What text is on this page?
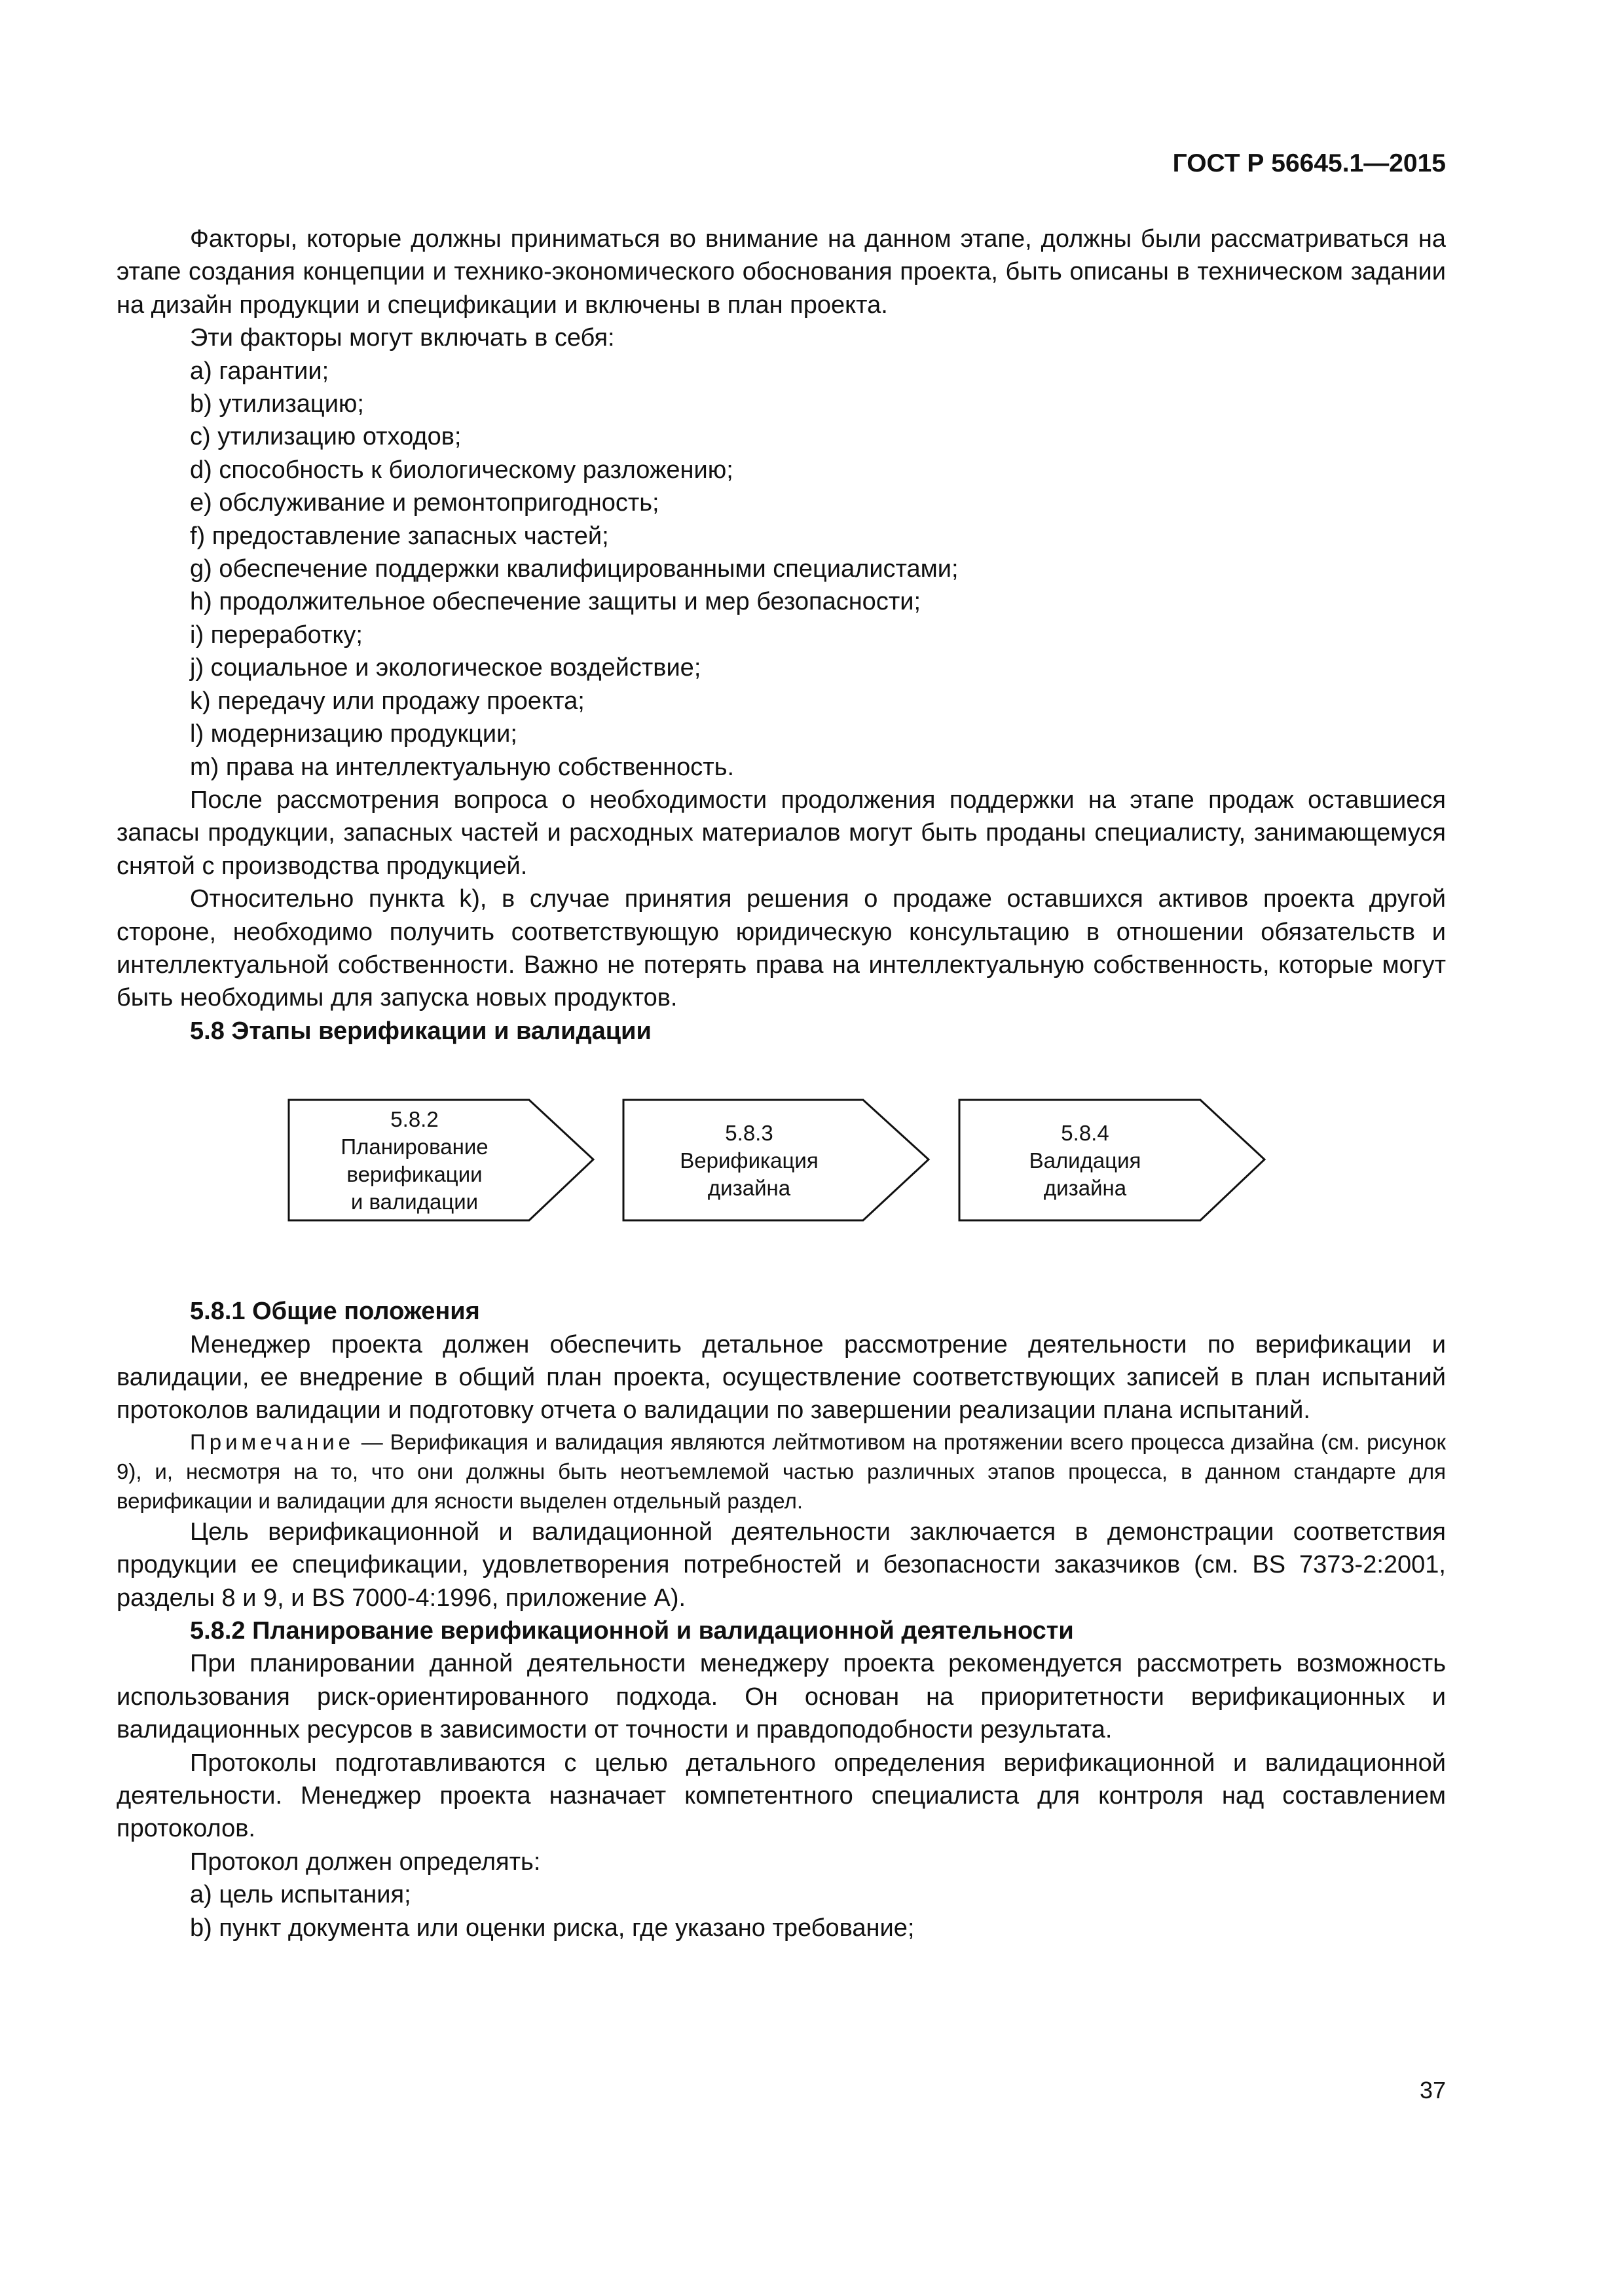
ГОСТ Р 56645.1—2015

Факторы, которые должны приниматься во внимание на данном этапе, должны были рассматриваться на этапе создания концепции и технико-экономического обоснования проекта, быть описаны в техническом задании на дизайн продукции и спецификации и включены в план проекта.

Эти факторы могут включать в себя:

a) гарантии;

b) утилизацию;

c) утилизацию отходов;

d) способность к биологическому разложению;

e) обслуживание и ремонтопригодность;

f) предоставление запасных частей;

g) обеспечение поддержки квалифицированными специалистами;

h) продолжительное обеспечение защиты и мер безопасности;

i) переработку;

j) социальное и экологическое воздействие;

k) передачу или продажу проекта;

l) модернизацию продукции;

m) права на интеллектуальную собственность.

После рассмотрения вопроса о необходимости продолжения поддержки на этапе продаж оставшиеся запасы продукции, запасных частей и расходных материалов могут быть проданы специалисту, занимающемуся снятой с производства продукцией.

Относительно пункта k), в случае принятия решения о продаже оставшихся активов проекта другой стороне, необходимо получить соответствующую юридическую консультацию в отношении обязательств и интеллектуальной собственности. Важно не потерять права на интеллектуальную собственность, которые могут быть необходимы для запуска новых продуктов.

5.8 Этапы верификации и валидации

5.8.2
Планирование
верификации
и валидации
5.8.3
Верификация
дизайна
5.8.4
Валидация
дизайна

5.8.1 Общие положения

Менеджер проекта должен обеспечить детальное рассмотрение деятельности по верификации и валидации, ее внедрение в общий план проекта, осуществление соответствующих записей в план испытаний протоколов валидации и подготовку отчета о валидации по завершении реализации плана испытаний.

Примечание — Верификация и валидация являются лейтмотивом на протяжении всего процесса дизайна (см. рисунок 9), и, несмотря на то, что они должны быть неотъемлемой частью различных этапов процесса, в данном стандарте для верификации и валидации для ясности выделен отдельный раздел.

Цель верификационной и валидационной деятельности заключается в демонстрации соответствия продукции ее спецификации, удовлетворения потребностей и безопасности заказчиков (см. BS 7373-2:2001, разделы 8 и 9, и BS 7000-4:1996, приложение А).

5.8.2 Планирование верификационной и валидационной деятельности

При планировании данной деятельности менеджеру проекта рекомендуется рассмотреть возможность использования риск-ориентированного подхода. Он основан на приоритетности верификационных и валидационных ресурсов в зависимости от точности и правдоподобности результата.

Протоколы подготавливаются с целью детального определения верификационной и валидационной деятельности. Менеджер проекта назначает компетентного специалиста для контроля над составлением протоколов.

Протокол должен определять:

a) цель испытания;

b) пункт документа или оценки риска, где указано требование;

37
